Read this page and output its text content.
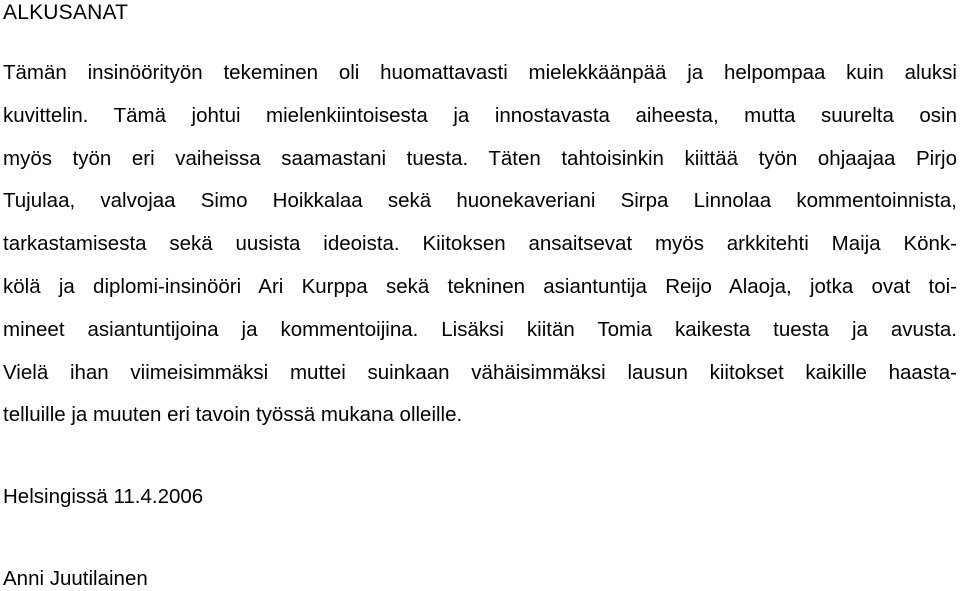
ALKUSANAT
Tämän insinöörityön tekeminen oli huomattavasti mielekkäänpää ja helpompaa kuin aluksi
kuvittelin. Tämä johtui mielenkiintoisesta ja innostavasta aiheesta, mutta suurelta osin
myös työn eri vaiheissa saamastani tuesta. Täten tahtoisinkin kiittää työn ohjaajaa Pirjo
Tujulaa, valvojaa Simo Hoikkalaa sekä huonekaveriani Sirpa Linnolaa kommentoinnista,
tarkastamisesta sekä uusista ideoista. Kiitoksen ansaitsevat myös arkkitehti Maija Könk-
kölä ja diplomi-insinööri Ari Kurppa sekä tekninen asiantuntija Reijo Alaoja, jotka ovat toi-
mineet asiantuntijoina ja kommentoijina. Lisäksi kiitän Tomia kaikesta tuesta ja avusta.
Vielä ihan viimeisimmäksi muttei suinkaan vähäisimmäksi lausun kiitokset kaikille haasta-
telluille ja muuten eri tavoin työssä mukana olleille.

Helsingissä 11.4.2006

Anni Juutilainen
